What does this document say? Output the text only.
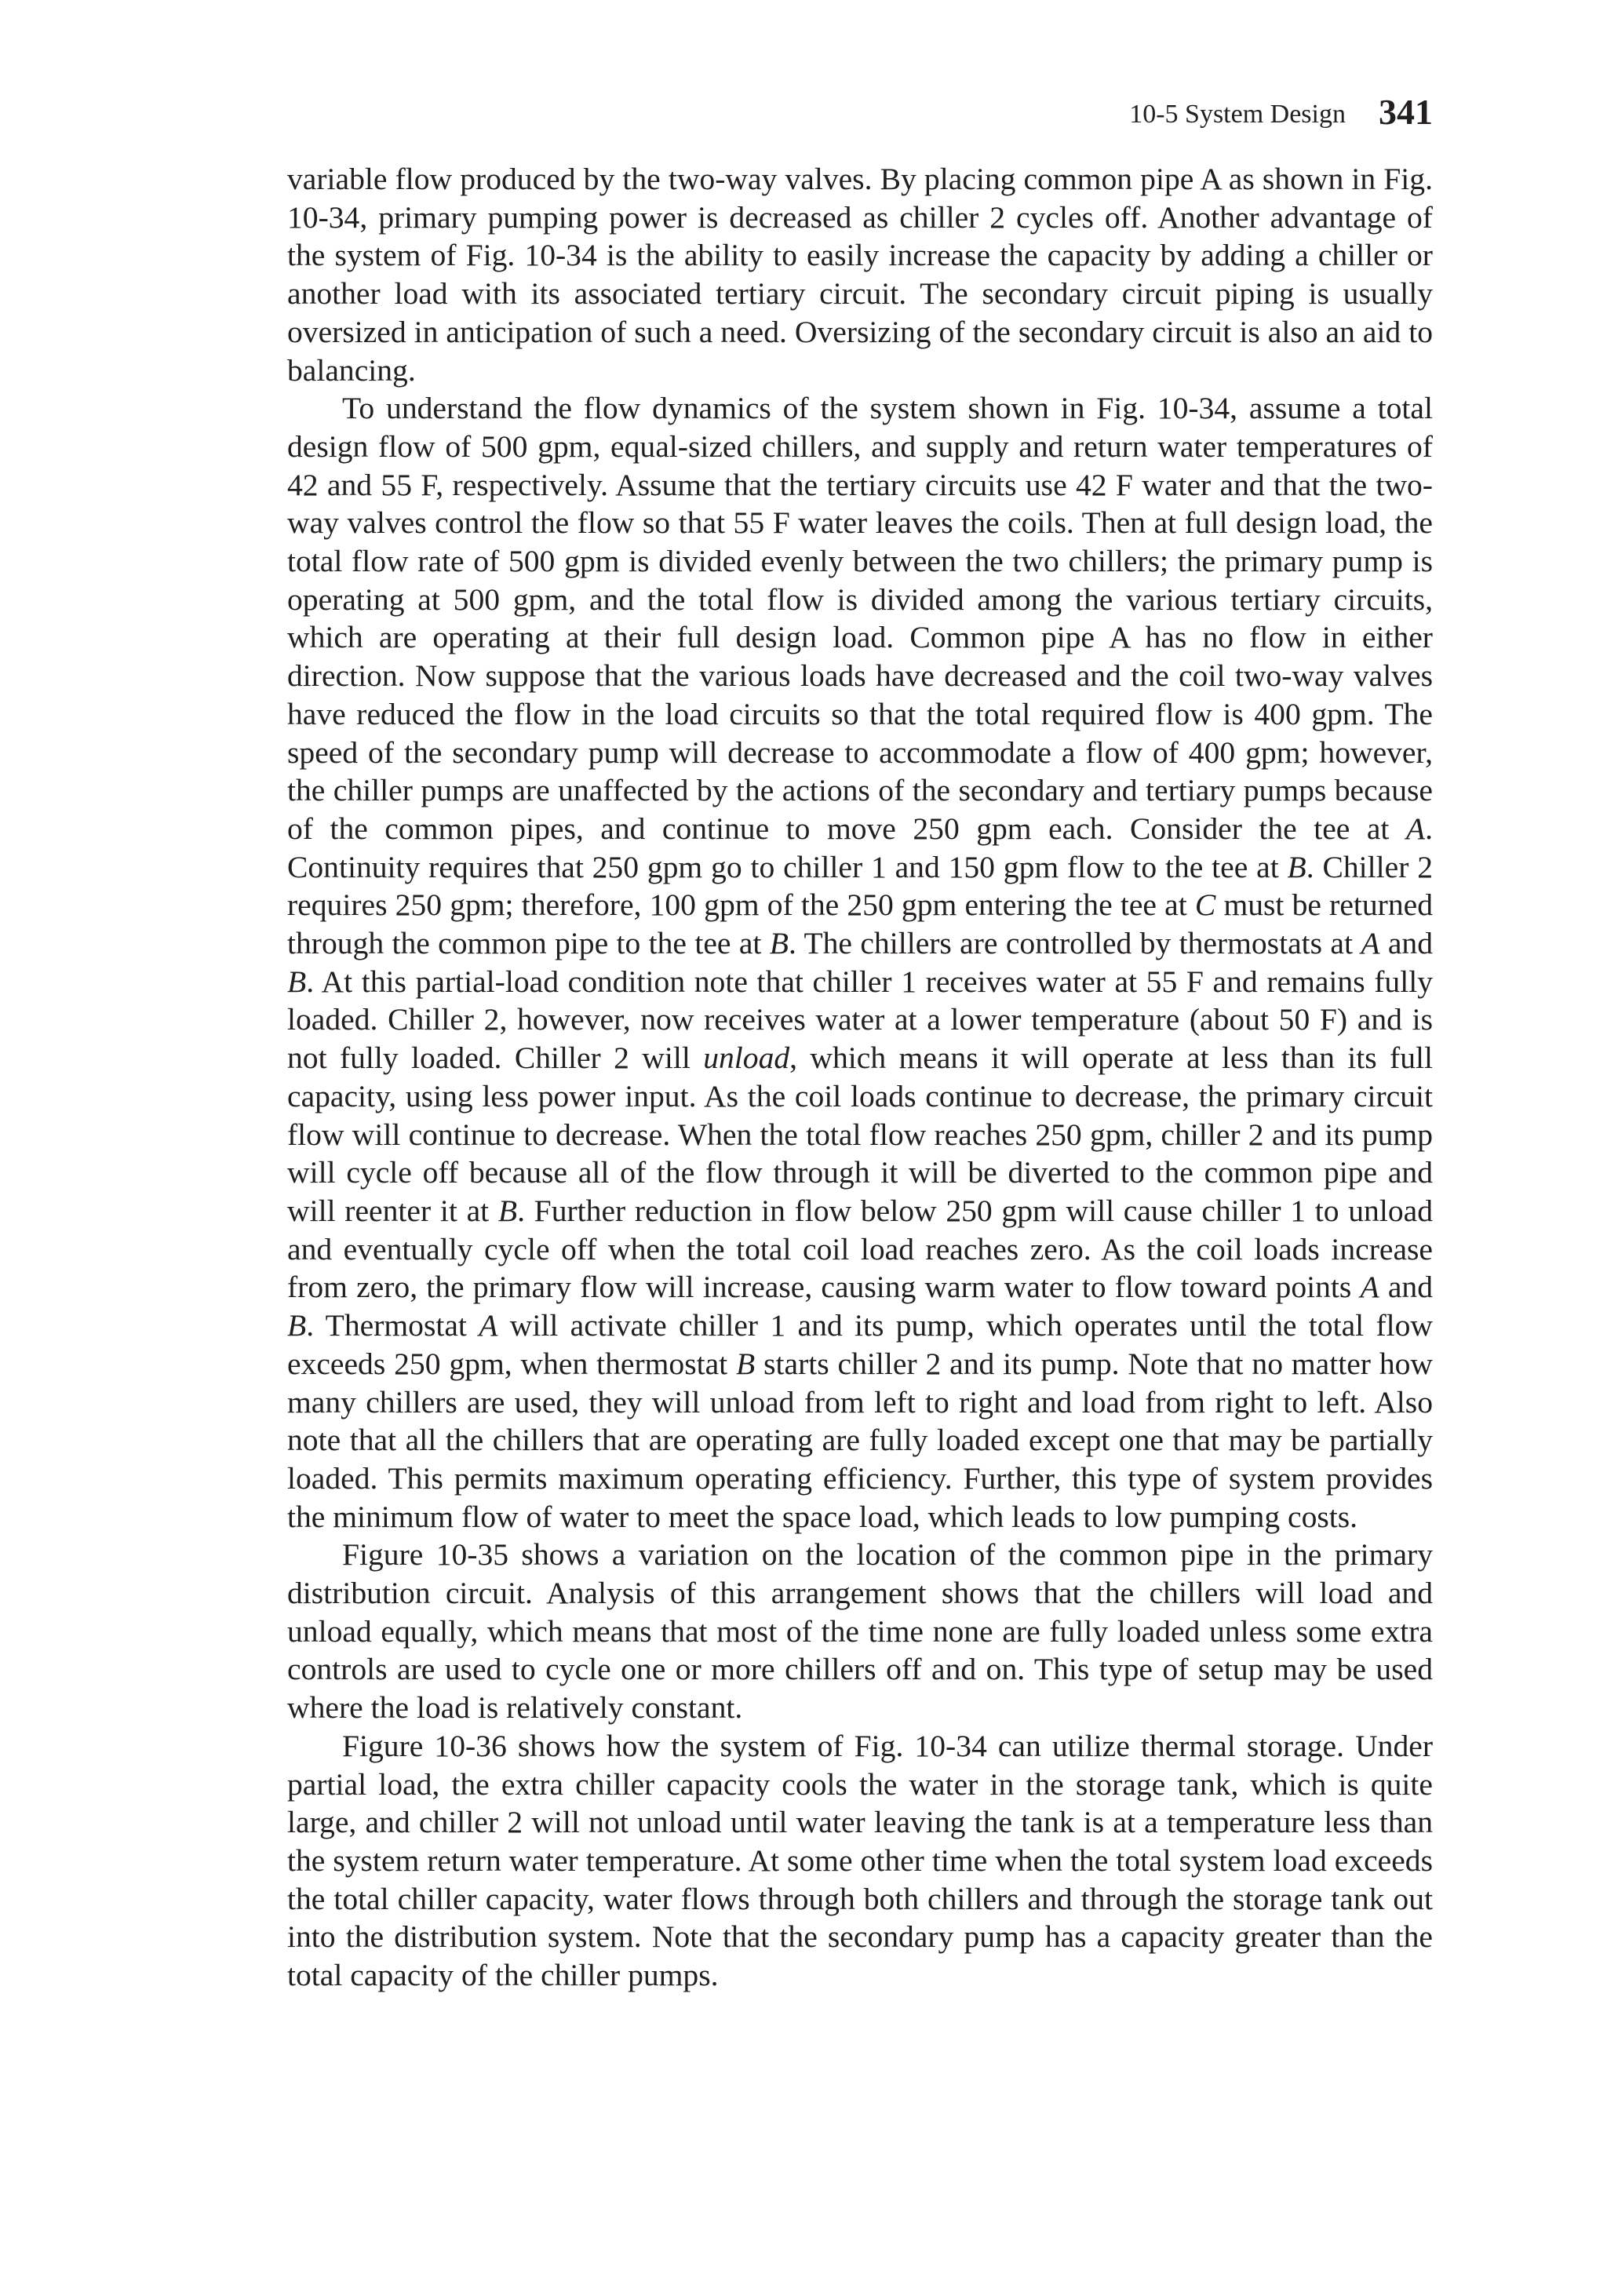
10-5 System Design 341

variable flow produced by the two-way valves. By placing common pipe A as shown in Fig. 10-34, primary pumping power is decreased as chiller 2 cycles off. Another advantage of the system of Fig. 10-34 is the ability to easily increase the capacity by adding a chiller or another load with its associated tertiary circuit. The secondary circuit piping is usually oversized in anticipation of such a need. Oversizing of the secondary circuit is also an aid to balancing.

To understand the flow dynamics of the system shown in Fig. 10-34, assume a total design flow of 500 gpm, equal-sized chillers, and supply and return water temperatures of 42 and 55 F, respectively. Assume that the tertiary circuits use 42 F water and that the two-way valves control the flow so that 55 F water leaves the coils. Then at full design load, the total flow rate of 500 gpm is divided evenly between the two chillers; the primary pump is operating at 500 gpm, and the total flow is divided among the various tertiary circuits, which are operating at their full design load. Common pipe A has no flow in either direction. Now suppose that the various loads have decreased and the coil two-way valves have reduced the flow in the load circuits so that the total required flow is 400 gpm. The speed of the secondary pump will decrease to accommodate a flow of 400 gpm; however, the chiller pumps are unaffected by the actions of the secondary and tertiary pumps because of the common pipes, and continue to move 250 gpm each. Consider the tee at A. Continuity requires that 250 gpm go to chiller 1 and 150 gpm flow to the tee at B. Chiller 2 requires 250 gpm; therefore, 100 gpm of the 250 gpm entering the tee at C must be returned through the common pipe to the tee at B. The chillers are controlled by thermostats at A and B. At this partial-load condition note that chiller 1 receives water at 55 F and remains fully loaded. Chiller 2, however, now receives water at a lower temperature (about 50 F) and is not fully loaded. Chiller 2 will unload, which means it will operate at less than its full capacity, using less power input. As the coil loads continue to decrease, the primary circuit flow will continue to decrease. When the total flow reaches 250 gpm, chiller 2 and its pump will cycle off because all of the flow through it will be diverted to the common pipe and will reenter it at B. Further reduction in flow below 250 gpm will cause chiller 1 to unload and eventually cycle off when the total coil load reaches zero. As the coil loads increase from zero, the primary flow will increase, causing warm water to flow toward points A and B. Thermostat A will activate chiller 1 and its pump, which operates until the total flow exceeds 250 gpm, when thermostat B starts chiller 2 and its pump. Note that no matter how many chillers are used, they will unload from left to right and load from right to left. Also note that all the chillers that are operating are fully loaded except one that may be partially loaded. This permits maximum operating efficiency. Further, this type of system provides the minimum flow of water to meet the space load, which leads to low pumping costs.

Figure 10-35 shows a variation on the location of the common pipe in the primary distribution circuit. Analysis of this arrangement shows that the chillers will load and unload equally, which means that most of the time none are fully loaded unless some extra controls are used to cycle one or more chillers off and on. This type of setup may be used where the load is relatively constant.

Figure 10-36 shows how the system of Fig. 10-34 can utilize thermal storage. Under partial load, the extra chiller capacity cools the water in the storage tank, which is quite large, and chiller 2 will not unload until water leaving the tank is at a temperature less than the system return water temperature. At some other time when the total system load exceeds the total chiller capacity, water flows through both chillers and through the storage tank out into the distribution system. Note that the secondary pump has a capacity greater than the total capacity of the chiller pumps.
